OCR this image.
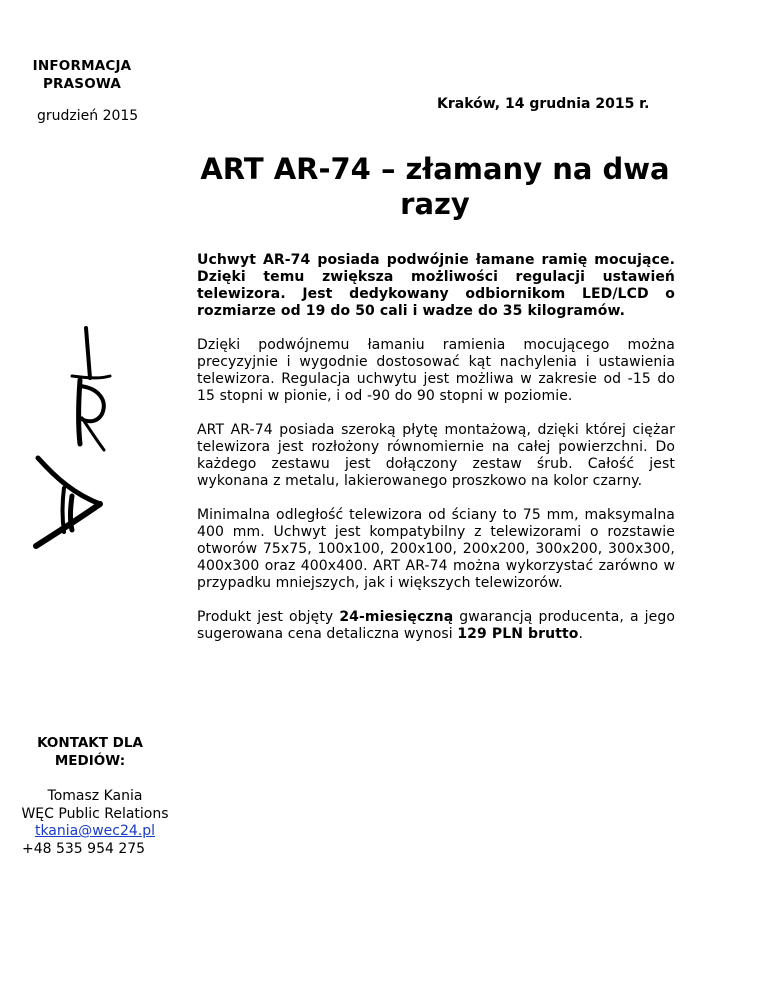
INFORMACJA PRASOWA
grudzień 2015
Kraków, 14 grudnia 2015 r.
ART AR-74 – złamany na dwa razy

Uchwyt AR-74 posiada podwójnie łamane ramię mocujące. Dzięki temu zwiększa możliwości regulacji ustawień telewizora. Jest dedykowany odbiornikom LED/LCD o rozmiarze od 19 do 50 cali i wadze do 35 kilogramów.

Dzięki podwójnemu łamaniu ramienia mocującego można precyzyjnie i wygodnie dostosować kąt nachylenia i ustawienia telewizora. Regulacja uchwytu jest możliwa w zakresie od -15 do 15 stopni w pionie, i od -90 do 90 stopni w poziomie.

ART AR-74 posiada szeroką płytę montażową, dzięki której ciężar telewizora jest rozłożony równomiernie na całej powierzchni. Do każdego zestawu jest dołączony zestaw śrub. Całość jest wykonana z metalu, lakierowanego proszkowo na kolor czarny.

Minimalna odległość telewizora od ściany to 75 mm, maksymalna 400 mm. Uchwyt jest kompatybilny z telewizorami o rozstawie otworów 75x75, 100x100, 200x100, 200x200, 300x200, 300x300, 400x300 oraz 400x400. ART AR-74 można wykorzystać zarówno w przypadku mniejszych, jak i większych telewizorów.

Produkt jest objęty 24-miesięczną gwarancją producenta, a jego sugerowana cena detaliczna wynosi 129 PLN brutto.

KONTAKT DLA MEDIÓW:
Tomasz Kania
WĘC Public Relations
tkania@wec24.pl
+48 535 954 275
